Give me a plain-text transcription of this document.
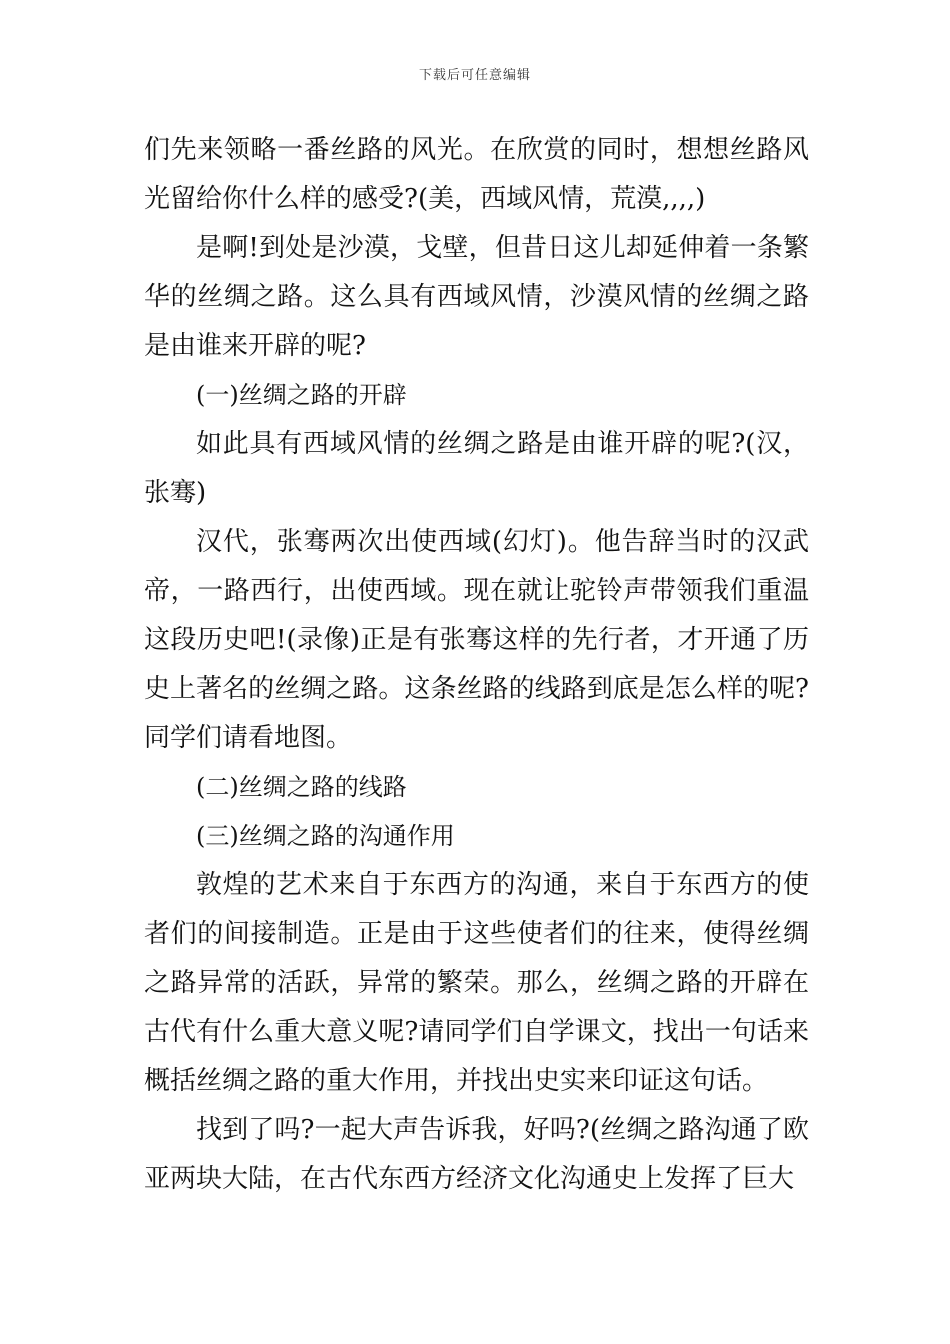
下载后可任意编辑

们先来领略一番丝路的风光。在欣赏的同时，想想丝路风光留给你什么样的感受?(美，西域风情，荒漠,,,,)

是啊!到处是沙漠，戈壁，但昔日这儿却延伸着一条繁华的丝绸之路。这么具有西域风情，沙漠风情的丝绸之路是由谁来开辟的呢?

(一)丝绸之路的开辟

如此具有西域风情的丝绸之路是由谁开辟的呢?(汉，张骞)

汉代，张骞两次出使西域(幻灯)。他告辞当时的汉武帝，一路西行，出使西域。现在就让驼铃声带领我们重温这段历史吧!(录像)正是有张骞这样的先行者，才开通了历史上著名的丝绸之路。这条丝路的线路到底是怎么样的呢?同学们请看地图。

(二)丝绸之路的线路

(三)丝绸之路的沟通作用

敦煌的艺术来自于东西方的沟通，来自于东西方的使者们的间接制造。正是由于这些使者们的往来，使得丝绸之路异常的活跃，异常的繁荣。那么，丝绸之路的开辟在古代有什么重大意义呢?请同学们自学课文，找出一句话来概括丝绸之路的重大作用，并找出史实来印证这句话。

找到了吗?一起大声告诉我，好吗?(丝绸之路沟通了欧亚两块大陆，在古代东西方经济文化沟通史上发挥了巨大
